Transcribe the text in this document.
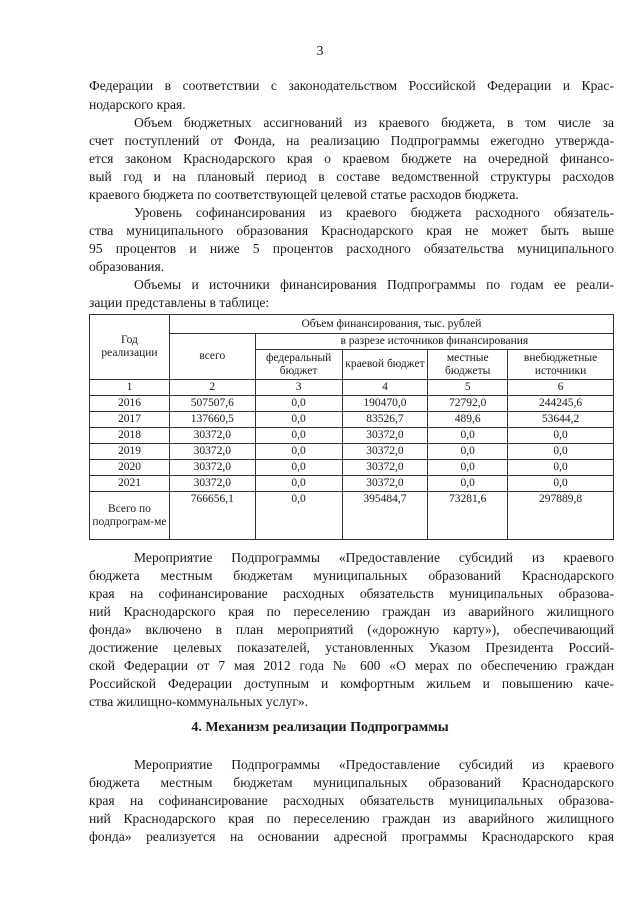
3
Федерации в соответствии с законодательством Российской Федерации и Крас-
нодарского края.
Объем бюджетных ассигнований из краевого бюджета, в том числе за
счет поступлений от Фонда, на реализацию Подпрограммы ежегодно утвержда-
ется законом Краснодарского края о краевом бюджете на очередной финансо-
вый год и на плановый период в составе ведомственной структуры расходов
краевого бюджета по соответствующей целевой статье расходов бюджета.
Уровень софинансирования из краевого бюджета расходного обязатель-
ства муниципального образования Краснодарского края не может быть выше
95 процентов и ниже 5 процентов расходного обязательства муниципального
образования.
Объемы и источники финансирования Подпрограммы по годам ее реали-
зации представлены в таблице:
Год реализации	Объем финансирования, тыс. рублей				
	всего	в разрезе источников финансирования			
		федеральный бюджет	краевой бюджет	местные бюджеты	внебюджетные источники
1	2	3	4	5	6
2016	507507,6	0,0	190470,0	72792,0	244245,6
2017	137660,5	0,0	83526,7	489,6	53644,2
2018	30372,0	0,0	30372,0	0,0	0,0
2019	30372,0	0,0	30372,0	0,0	0,0
2020	30372,0	0,0	30372,0	0,0	0,0
2021	30372,0	0,0	30372,0	0,0	0,0
Всего по подпрограм-ме	766656,1	0,0	395484,7	73281,6	297889,8
Мероприятие Подпрограммы «Предоставление субсидий из краевого
бюджета местным бюджетам муниципальных образований Краснодарского
края на софинансирование расходных обязательств муниципальных образова-
ний Краснодарского края по переселению граждан из аварийного жилищного
фонда» включено в план мероприятий («дорожную карту»), обеспечивающий
достижение целевых показателей, установленных Указом Президента Россий-
ской Федерации от 7 мая 2012 года № 600 «О мерах по обеспечению граждан
Российской Федерации доступным и комфортным жильем и повышению каче-
ства жилищно-коммунальных услуг».
4. Механизм реализации Подпрограммы
Мероприятие Подпрограммы «Предоставление субсидий из краевого
бюджета местным бюджетам муниципальных образований Краснодарского
края на софинансирование расходных обязательств муниципальных образова-
ний Краснодарского края по переселению граждан из аварийного жилищного
фонда» реализуется на основании адресной программы Краснодарского края
